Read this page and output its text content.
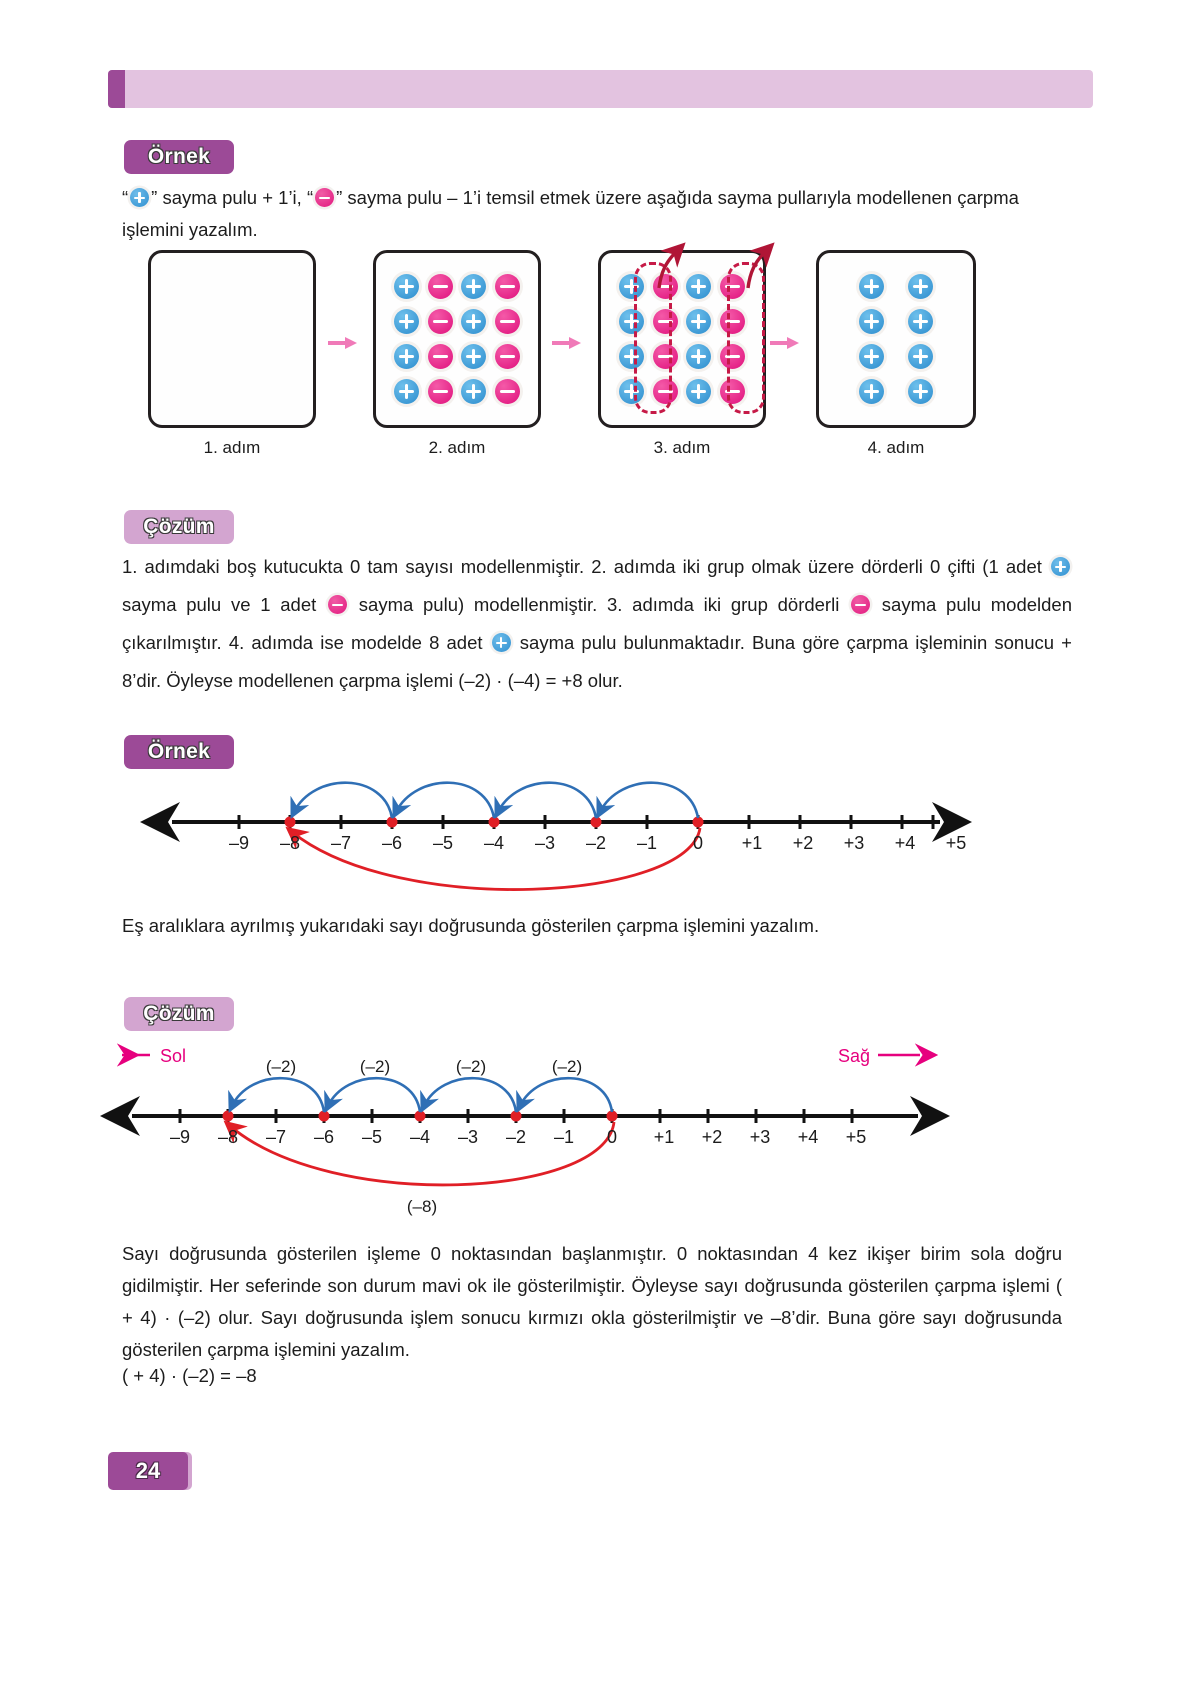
Örnek
“ ” sayma pulu + 1’i, “ ” sayma pulu – 1’i temsil etmek üzere aşağıda sayma pullarıyla modellenen çarpma işlemini yazalım.
1. adım	2. adım	3. adım	4. adım
Çözüm
1. adımdaki boş kutucukta 0 tam sayısı modellenmiştir. 2. adımda iki grup olmak üzere dörderli 0 çifti (1 adet  sayma pulu ve 1 adet  sayma pulu) modellenmiştir. 3. adımda iki grup dörderli  sayma pulu modelden çıkarılmıştır. 4. adımda ise modelde 8 adet  sayma pulu bulunmaktadır. Buna göre çarpma işleminin sonucu + 8’dir. Öyleyse modellenen çarpma işlemi (–2) · (–4) = +8 olur.
Örnek
–9	–8	–7	–6	–5	–4	–3	–2	–1	0	+1	+2	+3	+4	+5
Eş aralıklara ayrılmış yukarıdaki sayı doğrusunda gösterilen çarpma işlemini yazalım.
Çözüm
Sol	Sağ
(–2)	(–2)	(–2)	(–2)
(–8)
–9	–8	–7	–6	–5	–4	–3	–2	–1	0	+1	+2	+3	+4	+5
Sayı doğrusunda gösterilen işleme 0 noktasından başlanmıştır. 0 noktasından 4 kez ikişer birim sola doğru gidilmiştir. Her seferinde son durum mavi ok ile gösterilmiştir. Öyleyse sayı doğrusunda gösterilen çarpma işlemi ( + 4) · (–2) olur. Sayı doğrusunda işlem sonucu kırmızı okla gösterilmiştir ve –8’dir. Buna göre sayı doğrusunda gösterilen çarpma işlemini yazalım.
( + 4) · (–2) = –8
24
